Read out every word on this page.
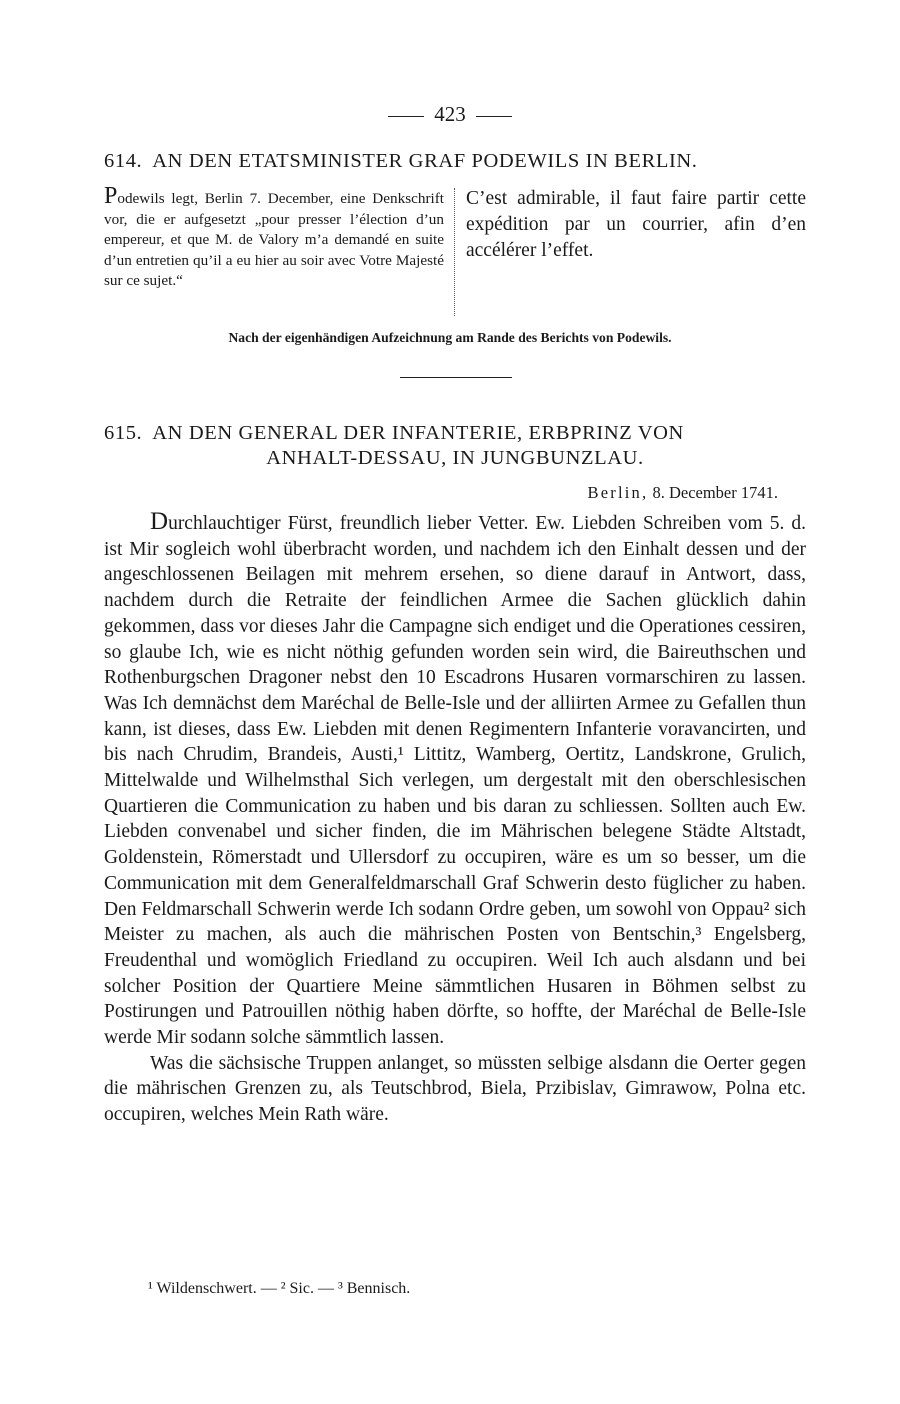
423
614. AN DEN ETATSMINISTER GRAF PODEWILS IN BERLIN.
Podewils legt, Berlin 7. December, eine Denkschrift vor, die er aufgesetzt „pour presser l’élection d’un empereur, et que M. de Valory m’a demandé en suite d’un entretien qu’il a eu hier au soir avec Votre Majesté sur ce sujet.“
C’est admirable, il faut faire partir cette expédition par un courrier, afin d’en accélérer l’effet.
Nach der eigenhändigen Aufzeichnung am Rande des Berichts von Podewils.
615. AN DEN GENERAL DER INFANTERIE, ERBPRINZ VON
ANHALT-DESSAU, IN JUNGBUNZLAU.
Berlin, 8. December 1741.

Durchlauchtiger Fürst, freundlich lieber Vetter. Ew. Liebden Schreiben vom 5. d. ist Mir sogleich wohl überbracht worden, und nachdem ich den Einhalt dessen und der angeschlossenen Beilagen mit mehrem ersehen, so diene darauf in Antwort, dass, nachdem durch die Retraite der feindlichen Armee die Sachen glücklich dahin gekommen, dass vor dieses Jahr die Campagne sich endiget und die Operationes cessiren, so glaube Ich, wie es nicht nöthig gefunden worden sein wird, die Baireuthschen und Rothenburgschen Dragoner nebst den 10 Escadrons Husaren vormarschiren zu lassen. Was Ich demnächst dem Maréchal de Belle-Isle und der alliirten Armee zu Gefallen thun kann, ist dieses, dass Ew. Liebden mit denen Regimentern Infanterie voravancirten, und bis nach Chrudim, Brandeis, Austi,¹ Littitz, Wamberg, Oertitz, Landskrone, Grulich, Mittelwalde und Wilhelmsthal Sich verlegen, um dergestalt mit den oberschlesischen Quartieren die Communication zu haben und bis daran zu schliessen. Sollten auch Ew. Liebden convenabel und sicher finden, die im Mährischen belegene Städte Altstadt, Goldenstein, Römerstadt und Ullersdorf zu occupiren, wäre es um so besser, um die Communication mit dem Generalfeldmarschall Graf Schwerin desto füglicher zu haben. Den Feldmarschall Schwerin werde Ich sodann Ordre geben, um sowohl von Oppau² sich Meister zu machen, als auch die mährischen Posten von Bentschin,³ Engelsberg, Freudenthal und womöglich Friedland zu occupiren. Weil Ich auch alsdann und bei solcher Position der Quartiere Meine sämmtlichen Husaren in Böhmen selbst zu Postirungen und Patrouillen nöthig haben dörfte, so hoffte, der Maréchal de Belle-Isle werde Mir sodann solche sämmtlich lassen.

Was die sächsische Truppen anlanget, so müssten selbige alsdann die Oerter gegen die mährischen Grenzen zu, als Teutschbrod, Biela, Przibislav, Gimrawow, Polna etc. occupiren, welches Mein Rath wäre.

¹ Wildenschwert. — ² Sic. — ³ Bennisch.
